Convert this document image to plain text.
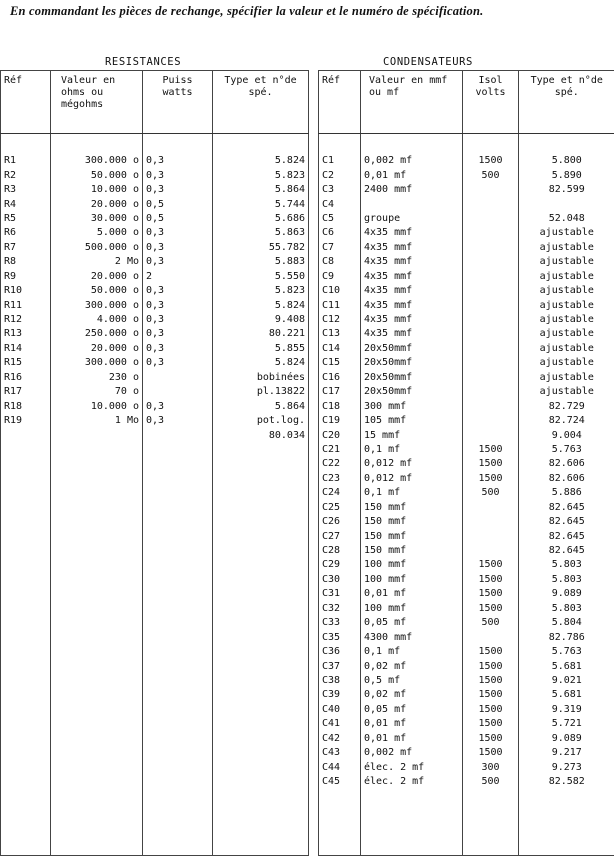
En commandant les pièces de rechange, spécifier la valeur et le numéro de spécification.
RESISTANCES	CONDENSATEURS
Réf	Valeur en ohms ou mégohms	Puiss watts	Type et n°de spé.

R1	300.000 o	0,3	5.824
R2	50.000 o	0,3	5.823
R3	10.000 o	0,3	5.864
R4	20.000 o	0,5	5.744
R5	30.000 o	0,5	5.686
R6	5.000 o	0,3	5.863
R7	500.000 o	0,3	55.782
R8	2 Mo	0,3	5.883
R9	20.000 o	2	5.550
R10	50.000 o	0,3	5.823
R11	300.000 o	0,3	5.824
R12	4.000 o	0,3	9.408
R13	250.000 o	0,3	80.221
R14	20.000 o	0,3	5.855
R15	300.000 o	0,3	5.824
R16	230 o		bobinées
R17	70 o		pl.13822
R18	10.000 o	0,3	5.864
R19	1 Mo	0,3	pot.log.
			80.034

Réf	Valeur en mmf ou mf	Isol volts	Type et n°de spé.

C1	0,002 mf	1500	5.800
C2	0,01 mf	500	5.890
C3	2400 mmf		82.599
C4			
C5	groupe		52.048
C6	4x35 mmf		ajustable
C7	4x35 mmf		ajustable
C8	4x35 mmf		ajustable
C9	4x35 mmf		ajustable
C10	4x35 mmf		ajustable
C11	4x35 mmf		ajustable
C12	4x35 mmf		ajustable
C13	4x35 mmf		ajustable
C14	20x50mmf		ajustable
C15	20x50mmf		ajustable
C16	20x50mmf		ajustable
C17	20x50mmf		ajustable
C18	300 mmf		82.729
C19	105 mmf		82.724
C20	15 mmf		9.004
C21	0,1 mf	1500	5.763
C22	0,012 mf	1500	82.606
C23	0,012 mf	1500	82.606
C24	0,1 mf	500	5.886
C25	150 mmf		82.645
C26	150 mmf		82.645
C27	150 mmf		82.645
C28	150 mmf		82.645
C29	100 mmf	1500	5.803
C30	100 mmf	1500	5.803
C31	0,01 mf	1500	9.089
C32	100 mmf	1500	5.803
C33	0,05 mf	500	5.804
C35	4300 mmf		82.786
C36	0,1 mf	1500	5.763
C37	0,02 mf	1500	5.681
C38	0,5 mf	1500	9.021
C39	0,02 mf	1500	5.681
C40	0,05 mf	1500	9.319
C41	0,01 mf	1500	5.721
C42	0,01 mf	1500	9.089
C43	0,002 mf	1500	9.217
C44	élec. 2 mf	300	9.273
C45	élec. 2 mf	500	82.582
